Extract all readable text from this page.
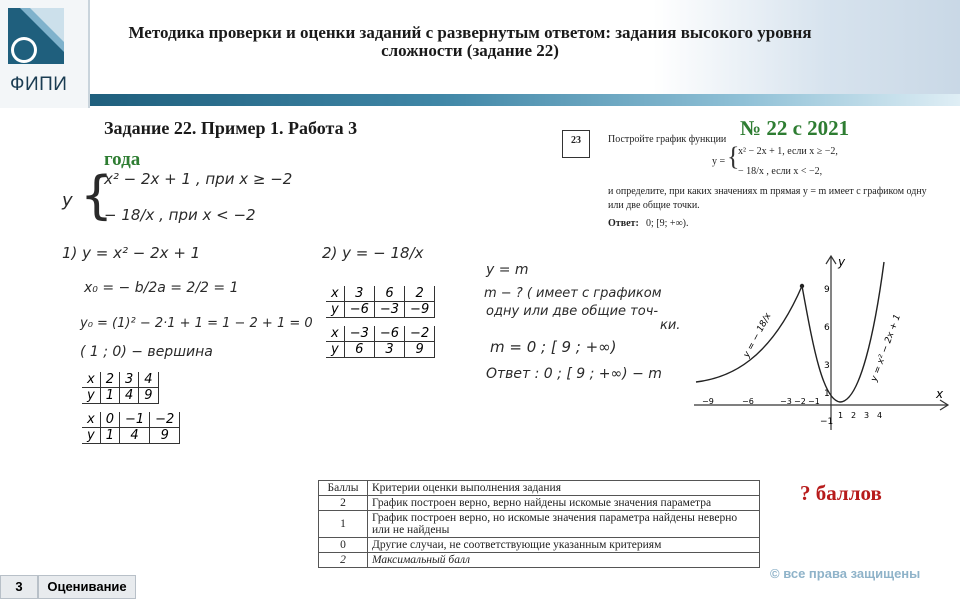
ФИПИ
Методика проверки и оценки заданий с развернутым ответом: задания высокого уровня сложности (задание 22)
Задание 22. Пример 1. Работа 3	№ 22 с 2021
года
23	Постройте график функции
y = {
x² − 2x + 1, если x ≥ −2,
− 18/x , если x < −2,
и определите, при каких значениях m прямая y = m имеет с графиком одну
или две общие точки.
Ответ: 0; [9; +∞).
y {
x² − 2x + 1 , при x ≥ −2
− 18/x , при x < −2
1) y = x² − 2x + 1
x₀ = − b/2a = 2/2 = 1
y₀ = (1)² − 2·1 + 1 = 1 − 2 + 1 = 0
( 1 ; 0) − вершина
x	2	3	4
y	1	4	9
x	0	−1	−2
y	1	4	9
2) y = − 18/x
x	3	6	2
y	−6	−3	−9
x	−3	−6	−2
y	6	3	9
y = m
m − ? ( имеет с графиком
одну или две общие точ-
ки.
m = 0 ; [ 9 ; +∞)
Ответ : 0 ; [ 9 ; +∞) − m
y
x
9
6
3
1
−1
−9	−6	−3 −2 −1
1 2 3 4
y = − 18/x	y = x² − 2x + 1
Баллы	Критерии оценки выполнения задания
2	График построен верно, верно найдены искомые значения параметра
1	График построен верно, но искомые значения параметра найдены неверно или не найдены
0	Другие случаи, не соответствующие указанным критериям
2	Максимальный балл
? баллов
3	Оценивание
© все права защищены
